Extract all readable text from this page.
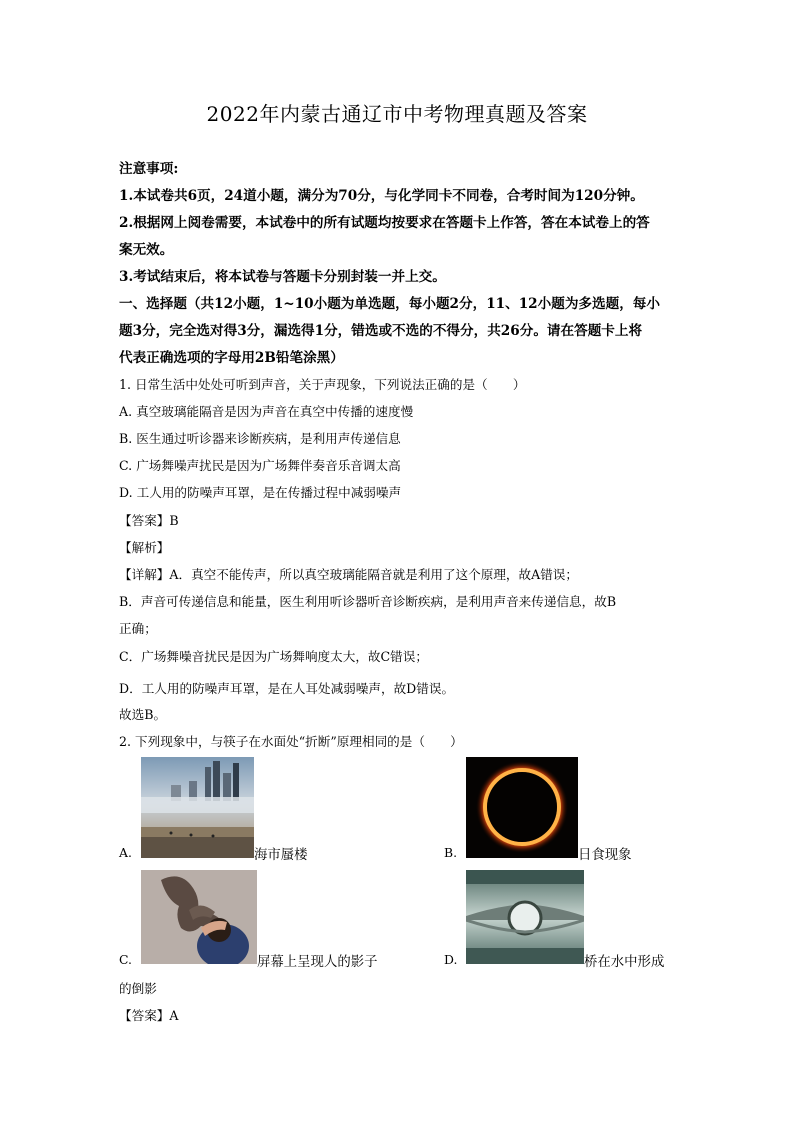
2022年内蒙古通辽市中考物理真题及答案
注意事项:
1.本试卷共6页，24道小题，满分为70分，与化学同卡不同卷，合考时间为120分钟。
2.根据网上阅卷需要，本试卷中的所有试题均按要求在答题卡上作答，答在本试卷上的答
案无效。
3.考试结束后，将本试卷与答题卡分别封装一并上交。
一、选择题（共12小题，1~10小题为单选题，每小题2分，11、12小题为多选题，每小
题3分，完全选对得3分，漏选得1分，错选或不选的不得分，共26分。请在答题卡上将
代表正确选项的字母用2B铅笔涂黑）
1. 日常生活中处处可听到声音，关于声现象，下列说法正确的是（　　）
A. 真空玻璃能隔音是因为声音在真空中传播的速度慢
B. 医生通过听诊器来诊断疾病，是利用声传递信息
C. 广场舞噪声扰民是因为广场舞伴奏音乐音调太高
D. 工人用的防噪声耳罩，是在传播过程中减弱噪声
【答案】B
【解析】
【详解】A．真空不能传声，所以真空玻璃能隔音就是利用了这个原理，故A错误；
B．声音可传递信息和能量，医生利用听诊器听音诊断疾病，是利用声音来传递信息，故B
正确；
C．广场舞噪音扰民是因为广场舞响度太大，故C错误；
D．工人用的防噪声耳罩，是在人耳处减弱噪声，故D错误。
故选B。
2. 下列现象中，与筷子在水面处“折断”原理相同的是（　　）
A.	海市蜃楼	B.	日食现象
C.	屏幕上呈现人的影子	D.	桥在水中形成
的倒影
【答案】A
